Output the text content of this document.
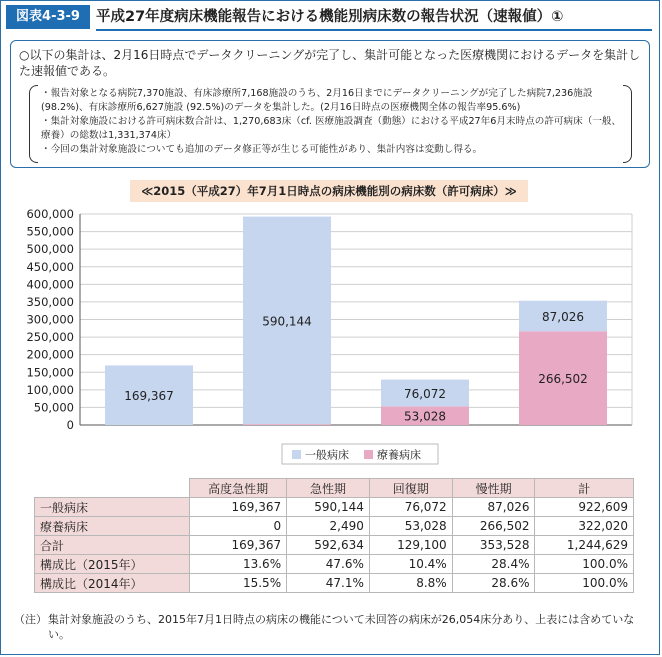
図表4-3-9	平成27年度病床機能報告における機能別病床数の報告状況（速報値）①
○以下の集計は、2月16日時点でデータクリーニングが完了し、集計可能となった医療機関におけるデータを集計した速報値である。
・報告対象となる病院7,370施設、有床診療所7,168施設のうち、2月16日までにデータクリーニングが完了した病院7,236施設(98.2%)、有床診療所6,627施設 (92.5%)のデータを集計した。(2月16日時点の医療機関全体の報告率95.6%)
・集計対象施設における許可病床数合計は、1,270,683床（cf. 医療施設調査（動態）における平成27年6月末時点の許可病床（一般、療養）の総数は1,331,374床）
・今回の集計対象施設についても追加のデータ修正等が生じる可能性があり、集計内容は変動し得る。
≪2015（平成27）年7月1日時点の病床機能別の病床数（許可病床）≫
0
50,000
100,000
150,000
200,000
250,000
300,000
350,000
400,000
450,000
500,000
550,000
600,000
169,367
590,144
53,028
76,072
266,502
87,026
一般病床	療養病床
	高度急性期	急性期	回復期	慢性期	計
一般病床	169,367	590,144	76,072	87,026	922,609
療養病床	0	2,490	53,028	266,502	322,020
合計	169,367	592,634	129,100	353,528	1,244,629
構成比（2015年）	13.6%	47.6%	10.4%	28.4%	100.0%
構成比（2014年）	15.5%	47.1%	8.8%	28.6%	100.0%
（注） 集計対象施設のうち、2015年7月1日時点の病床の機能について未回答の病床が26,054床分あり、上表には含めていない。
